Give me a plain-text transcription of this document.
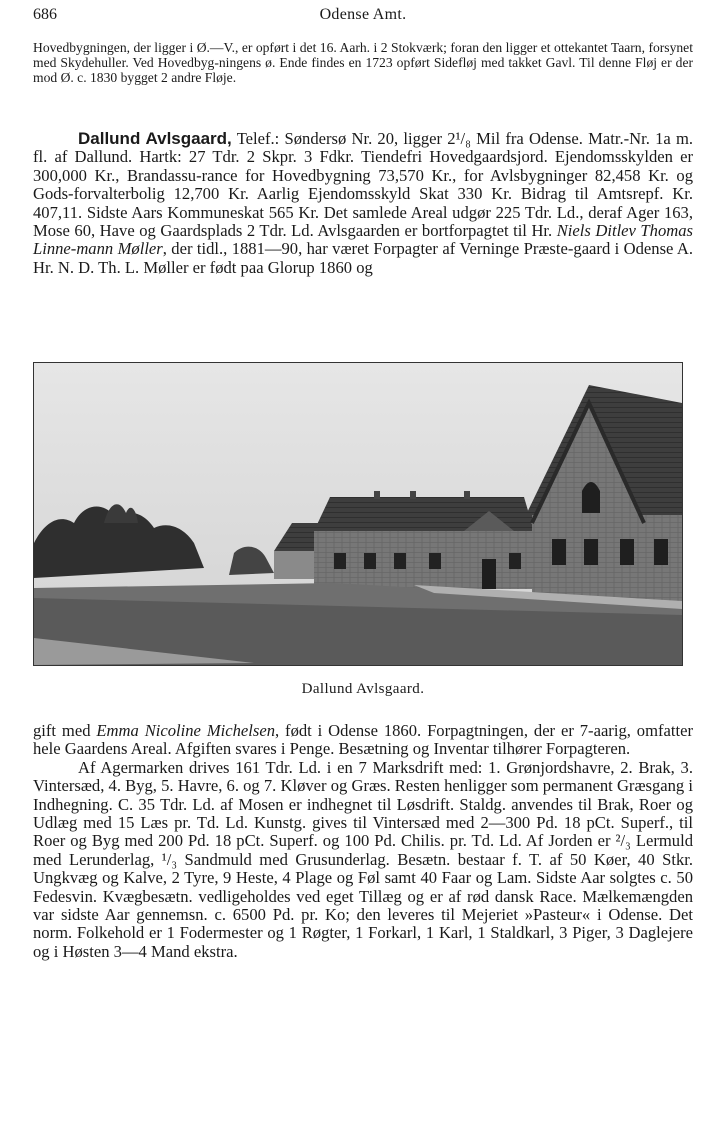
686	Odense Amt.
Hovedbygningen, der ligger i Ø.—V., er opført i det 16. Aarh. i 2 Stokværk; foran den ligger et ottekantet Taarn, forsynet med Skydehuller. Ved Hovedbyg-ningens ø. Ende findes en 1723 opført Sidefløj med takket Gavl. Til denne Fløj er der mod Ø. c. 1830 bygget 2 andre Fløje.

Dallund Avlsgaard, Telef.: Søndersø Nr. 20, ligger 2¹/₈ Mil fra Odense. Matr.-Nr. 1a m. fl. af Dallund. Hartk: 27 Tdr. 2 Skpr. 3 Fdkr. Tiendefri Hovedgaardsjord. Ejendomsskylden er 300,000 Kr., Brandassu-rance for Hovedbygning 73,570 Kr., for Avlsbygninger 82,458 Kr. og Gods-forvalterbolig 12,700 Kr. Aarlig Ejendomsskyld Skat 330 Kr. Bidrag til Amtsrepf. Kr. 407,11. Sidste Aars Kommuneskat 565 Kr. Det samlede Areal udgør 225 Tdr. Ld., deraf Ager 163, Mose 60, Have og Gaardsplads 2 Tdr. Ld. Avlsgaarden er bortforpagtet til Hr. Niels Ditlev Thomas Linne-mann Møller, der tidl., 1881—90, har været Forpagter af Verninge Præste-gaard i Odense A. Hr. N. D. Th. L. Møller er født paa Glorup 1860 og

Dallund Avlsgaard.

gift med Emma Nicoline Michelsen, født i Odense 1860. Forpagtningen, der er 7-aarig, omfatter hele Gaardens Areal. Afgiften svares i Penge. Besætning og Inventar tilhører Forpagteren.

Af Agermarken drives 161 Tdr. Ld. i en 7 Marksdrift med: 1. Grønjordshavre, 2. Brak, 3. Vintersæd, 4. Byg, 5. Havre, 6. og 7. Kløver og Græs. Resten henligger som permanent Græsgang i Indhegning. C. 35 Tdr. Ld. af Mosen er indhegnet til Løsdrift. Staldg. anvendes til Brak, Roer og Udlæg med 15 Læs pr. Td. Ld. Kunstg. gives til Vintersæd med 2—300 Pd. 18 pCt. Superf., til Roer og Byg med 200 Pd. 18 pCt. Superf. og 100 Pd. Chilis. pr. Td. Ld. Af Jorden er ²/₃ Lermuld med Lerunderlag, ¹/₃ Sandmuld med Grusunderlag. Besætn. bestaar f. T. af 50 Køer, 40 Stkr. Ungkvæg og Kalve, 2 Tyre, 9 Heste, 4 Plage og Føl samt 40 Faar og Lam. Sidste Aar solgtes c. 50 Fedesvin. Kvægbesætn. vedligeholdes ved eget Tillæg og er af rød dansk Race. Mælkemængden var sidste Aar gennemsn. c. 6500 Pd. pr. Ko; den leveres til Mejeriet »Pasteur« i Odense. Det norm. Folkehold er 1 Fodermester og 1 Røgter, 1 Forkarl, 1 Karl, 1 Staldkarl, 3 Piger, 3 Daglejere og i Høsten 3—4 Mand ekstra.
